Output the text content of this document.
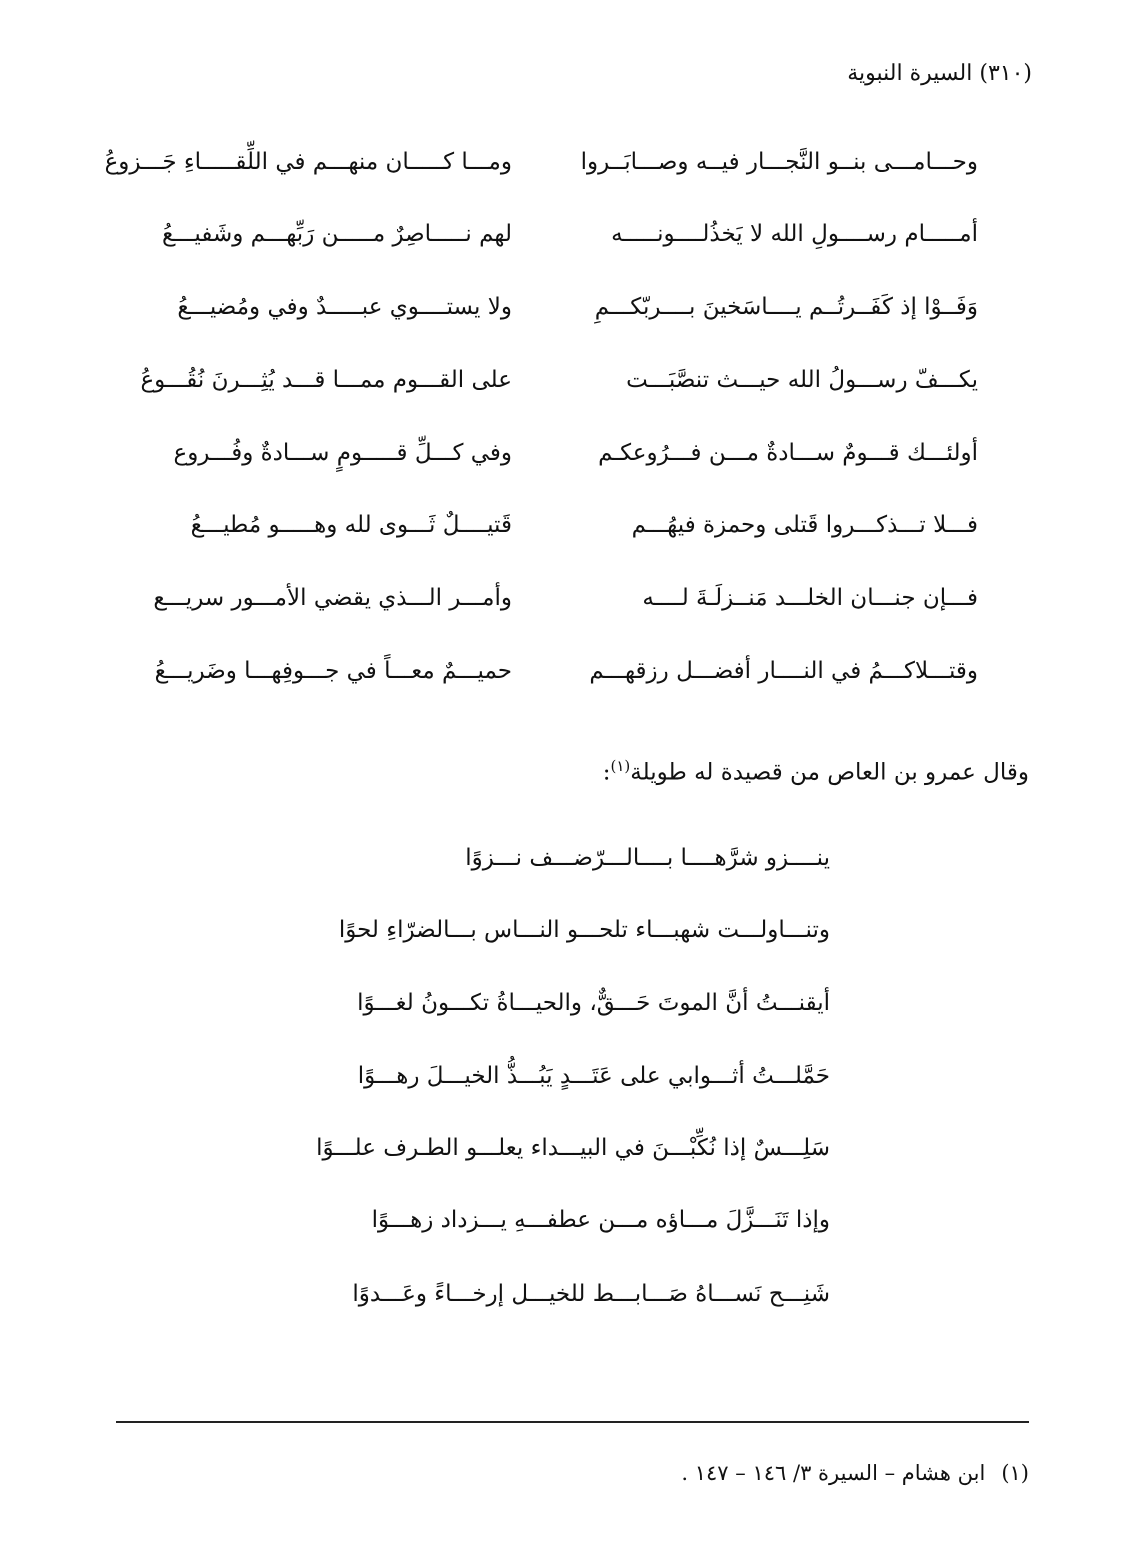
(٣١٠) السيرة النبوية
وحـــامـــى بنــو النَّجـــار فيــه وصـــابَــروا
ومـــا كـــــان منهـــم في اللِّقـــــاءِ جَـــزوعُ
أمـــــام رســــولِ الله لا يَخذُلــــونـــــه
لهم نـــــاصِرٌ مـــــن رَبِّهـــم وشَفيـــعُ
وَفَــوْا إذ كَفَــرتُــم يــــاسَخينَ بــــربّكـــمِ
ولا يستــــوي عبـــــدٌ وفي ومُضيـــعُ
يكـــفّ رســـولُ الله حيـــث تنصَّبَـــت
على القـــوم ممـــا قـــد يُثِـــرنَ نُقُـــوعُ
أولئـــك قـــومٌ ســـادةٌ مـــن فـــرُوعكـم
وفي كـــلِّ قـــــومٍ ســـادةٌ وفُـــروع
فـــلا تـــذكـــروا قَتلى وحمزة فيهُـــم
قَتيــــلٌ ثَـــوى لله وهـــــو مُطيـــعُ
فـــإن جنـــان الخلـــد مَنــزلَـةَ لــــه
وأمـــر الـــذي يقضي الأمـــور سريـــع
وقتـــلاكـــمُ في النــــار أفضـــل رزقهـــم
حميـــمٌ معـــاً في جـــوفِهـــا وضَريـــعُ
وقال عمرو بن العاص من قصيدة له طويلة$^{(١)}$:
ينــــزو شرَّهــــا بــــالـــرّضـــف نـــزوًا
وتنـــاولـــت شهبـــاء تلحـــو النـــاس بـــالضرّاءِ لحوًا
أيقنـــتُ أنَّ الموتَ حَـــقٌّ، والحيـــاةُ تكـــونُ لغـــوًا
حَمَّلـــتُ أثـــوابي على عَتَـــدٍ يَبُـــذُّ الخيـــلَ رهـــوًا
سَلِـــسٌ إذا نُكِّبْـــنَ في البيـــداء يعلـــو الطـرف علـــوًا
وإذا تَنَـــزَّلَ مـــاؤه مـــن عطفـــهِ يـــزداد زهـــوًا
شَنِـــح نَســـاهُ صَـــابـــط للخيـــل إرخـــاءً وعَـــدوًا
(١)ابن هشام – السيرة ٣/ ١٤٦ – ١٤٧ .
